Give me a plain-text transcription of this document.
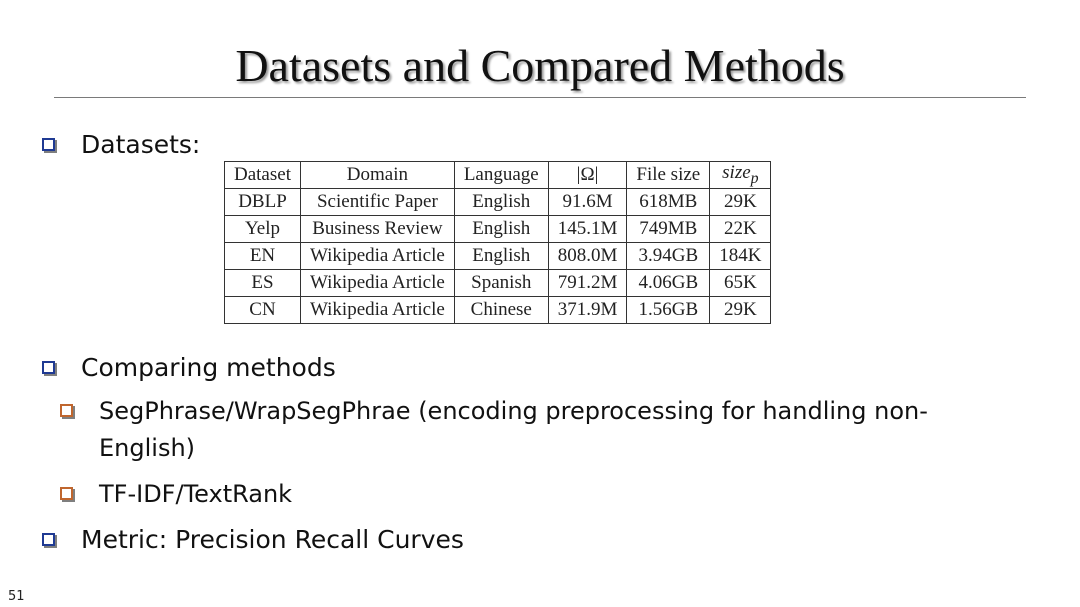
Datasets and Compared Methods
Datasets:
Dataset	Domain	Language	|Ω|	File size	size$_p$
DBLP	Scientific Paper	English	91.6M	618MB	29K
Yelp	Business Review	English	145.1M	749MB	22K
EN	Wikipedia Article	English	808.0M	3.94GB	184K
ES	Wikipedia Article	Spanish	791.2M	4.06GB	65K
CN	Wikipedia Article	Chinese	371.9M	1.56GB	29K
Comparing methods
SegPhrase/WrapSegPhrae (encoding preprocessing for handling non-English)
TF-IDF/TextRank
Metric: Precision Recall Curves
51
